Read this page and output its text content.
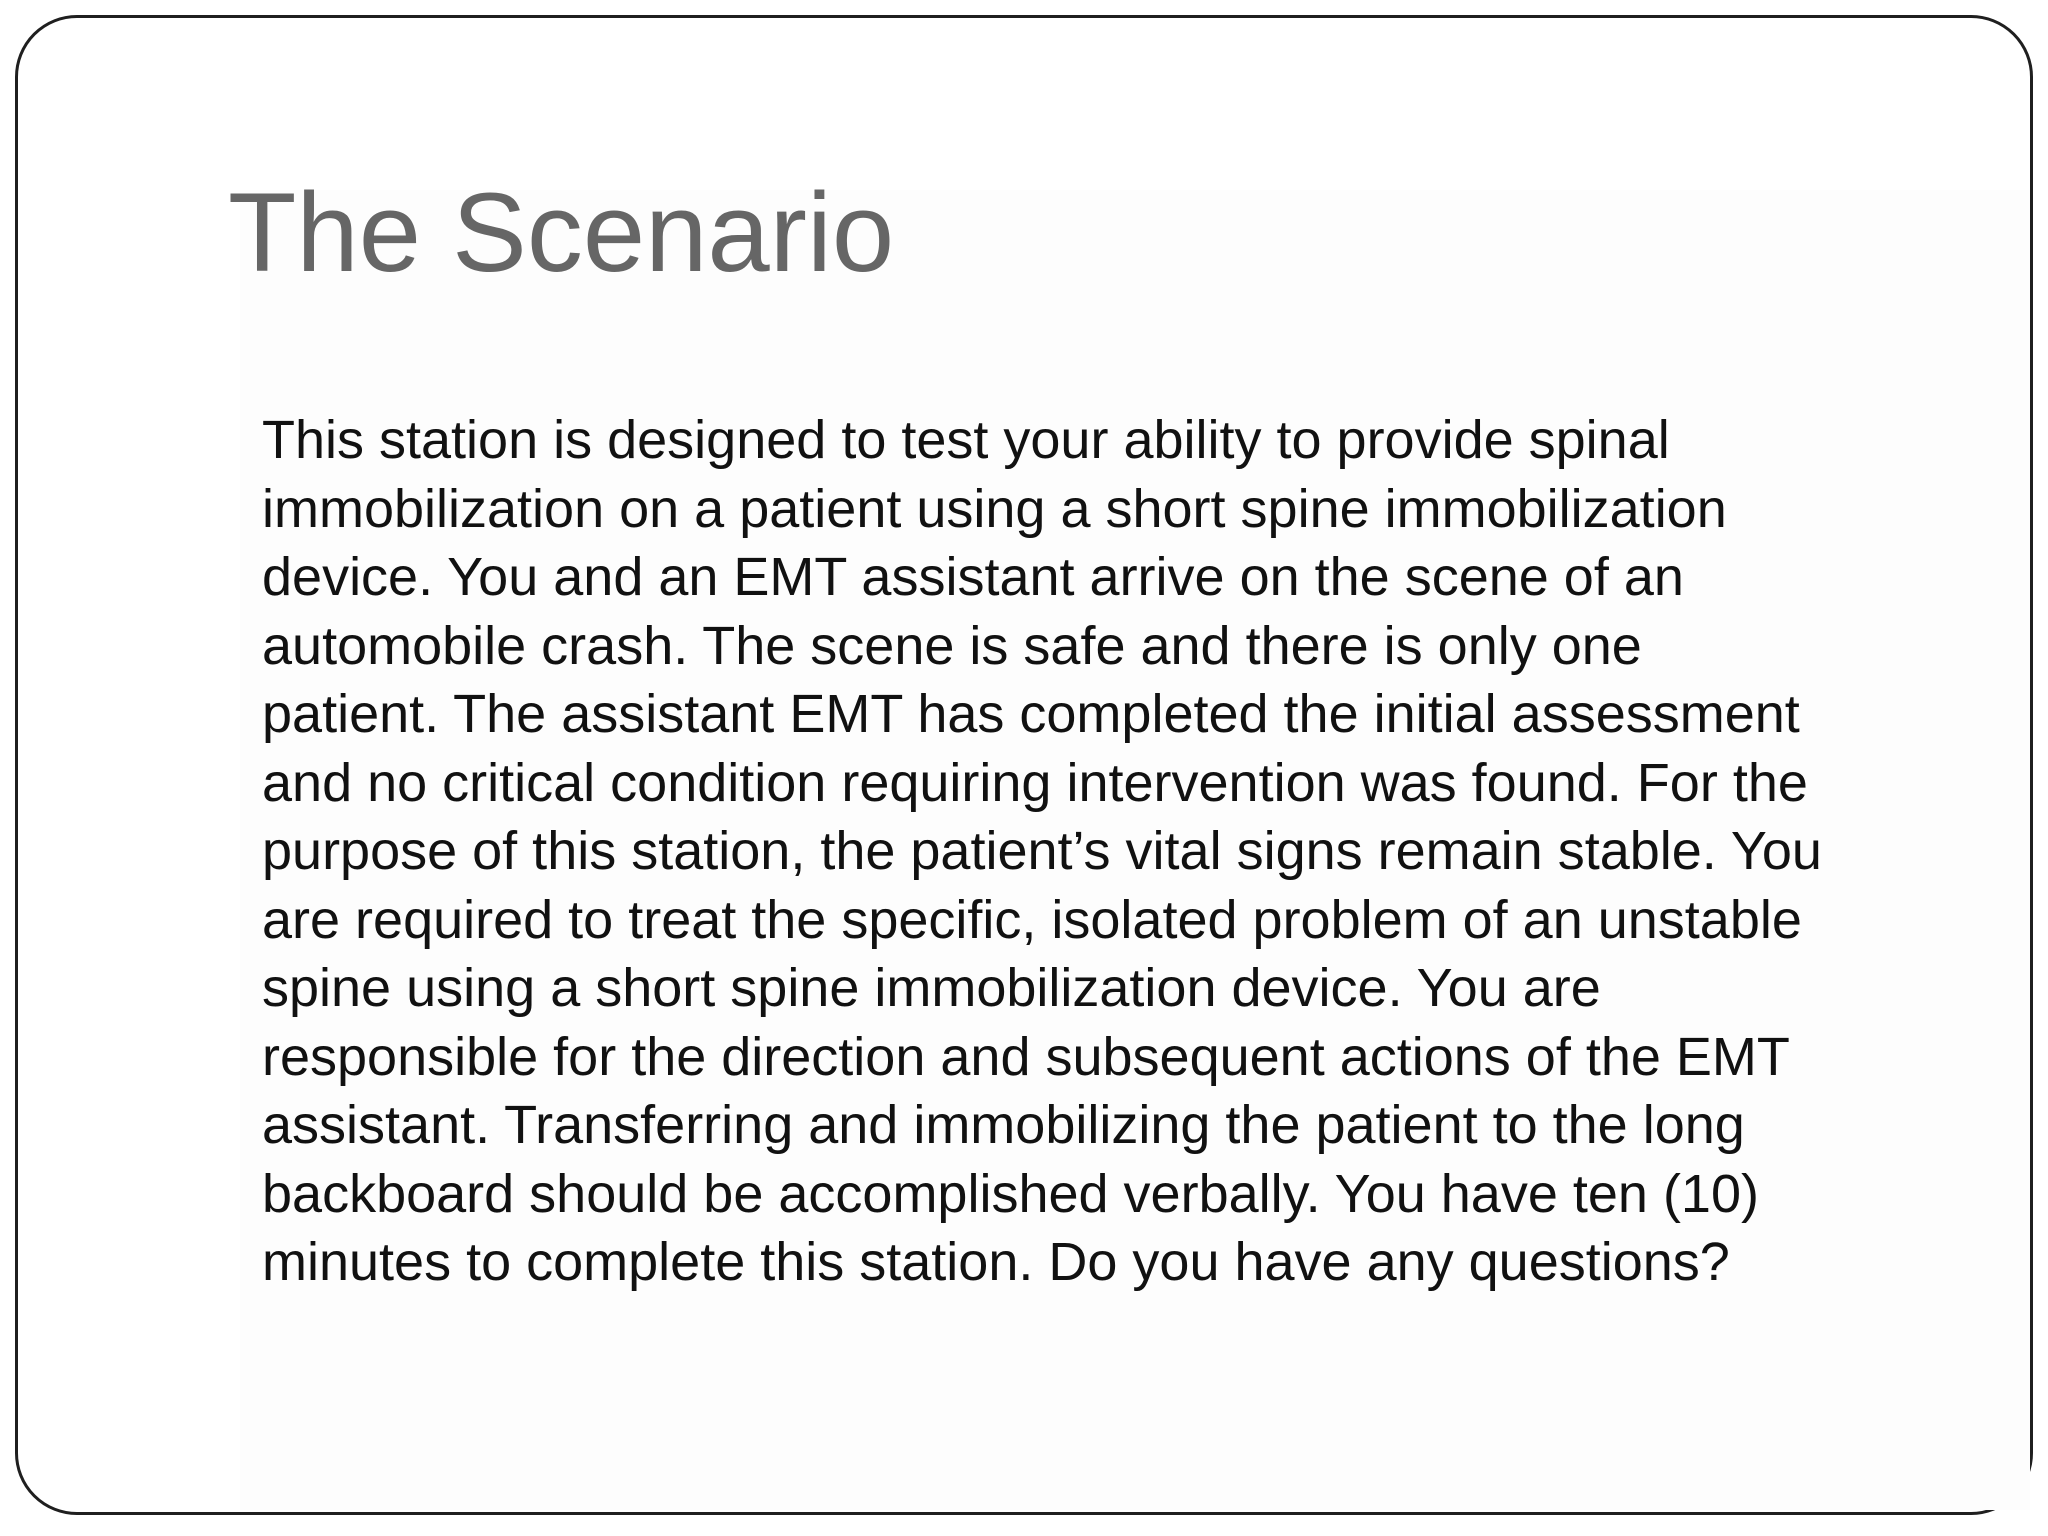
The Scenario
This station is designed to test your ability to provide spinal
immobilization on a patient using a short spine immobilization
device. You and an EMT assistant arrive on the scene of an
automobile crash. The scene is safe and there is only one
patient. The assistant EMT has completed the initial assessment
and no critical condition requiring intervention was found. For the
purpose of this station, the patient’s vital signs remain stable. You
are required to treat the specific, isolated problem of an unstable
spine using a short spine immobilization device. You are
responsible for the direction and subsequent actions of the EMT
assistant. Transferring and immobilizing the patient to the long
backboard should be accomplished verbally. You have ten (10)
minutes to complete this station. Do you have any questions?
